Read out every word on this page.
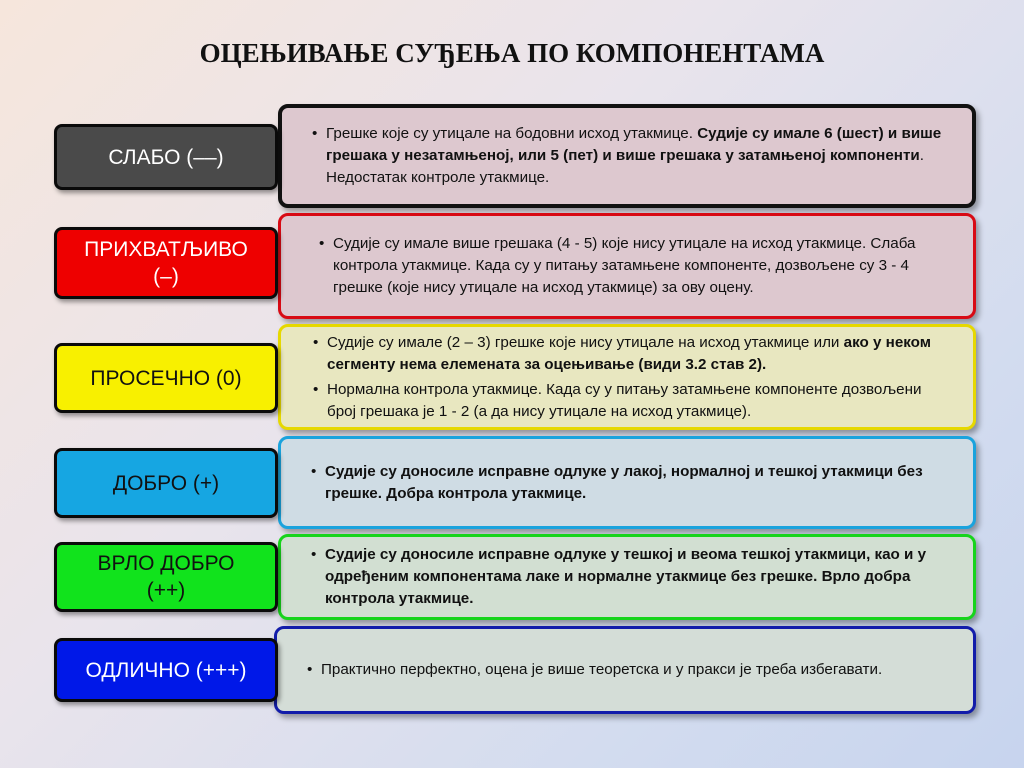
ОЦЕЊИВАЊЕ СУЂЕЊА ПО КОМПОНЕНТАМА
• Грешке које су утицале на бодовни исход утакмице. Судије су имале 6 (шест) и више грешака у незатамњеној, или 5 (пет) и више грешака у затамњеној компоненти. Недостатак контроле утакмице.
СЛАБО (––)
• Судије су имале више грешака (4 - 5) које нису утицале на исход утакмице. Слаба контрола утакмице. Када су у питању затамњене компоненте, дозвољене су 3 - 4 грешке (које нису утицале на исход утакмице) за ову оцену.
ПРИХВАТЉИВО
(–)
• Судије су имале (2 – 3) грешке које нису утицале на исход утакмице или ако у неком сегменту нема елемената за оцењивање (види 3.2 став 2).
• Нормална контрола утакмице. Када су у питању затамњене компоненте дозвољени број грешака је 1 - 2 (а да нису утицале на исход утакмице).
ПРОСЕЧНО (0)
• Судије су доносиле исправне одлуке у лакој, нормалној и тешкој утакмици без грешке. Добра контрола утакмице.
ДОБРО (+)
• Судије су доносиле исправне одлуке у тешкој и веома тешкој утакмици, као и у одређеним компонентама лаке и нормалне утакмице без грешке. Врло добра контрола утакмице.
ВРЛО ДОБРО
(++)
• Практично перфектно, оцена је више теоретска и у пракси је треба избегавати.
ОДЛИЧНО (+++)
